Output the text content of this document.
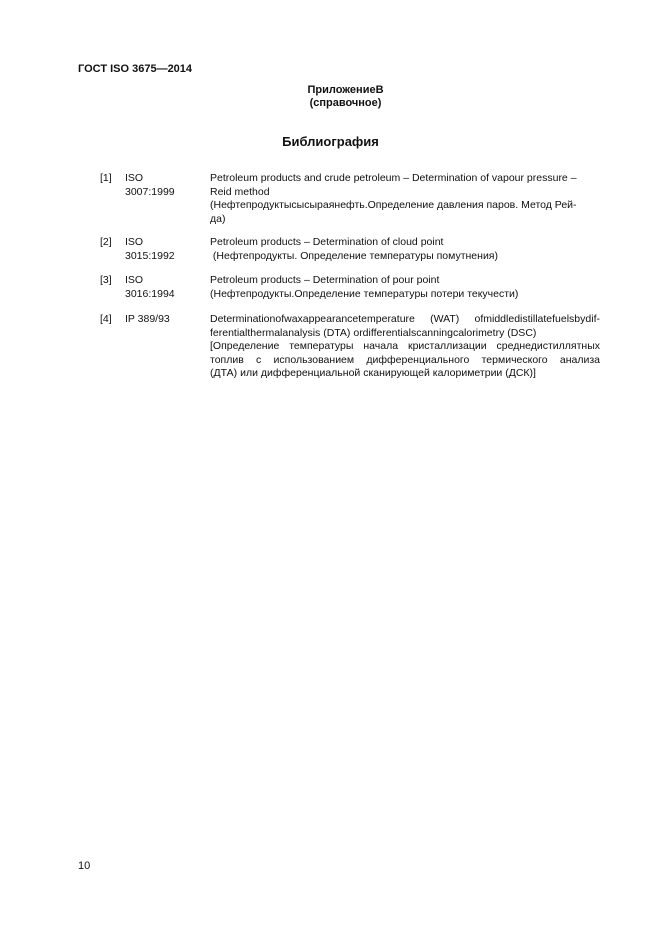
ГОСТ ISO 3675—2014
ПриложениеВ
(справочное)
Библиография
[1] ISO
3007:1999
Petroleum products and crude petroleum – Determination of vapour pressure –
Reid method
(Нефтепродуктысысыраянефть.Определение давления паров. Метод Рей-
да)
[2] ISO
3015:1992
Petroleum products – Determination of cloud point
(Нефтепродукты. Определение температуры помутнения)
[3] ISO
3016:1994
Petroleum products – Determination of pour point
(Нефтепродукты.Определение температуры потери текучести)
[4] IP 389/93	Determinationofwaxappearancetemperature (WAT) ofmiddledistillatefuelsbydif-
ferentialthermalanalysis (DTA) ordifferentialscanningcalorimetry (DSC)
[Определение температуры начала кристаллизации среднедистиллятных
топлив с использованием дифференциального термического анализа
(ДТА) или дифференциальной сканирующей калориметрии (ДСК)]
10
